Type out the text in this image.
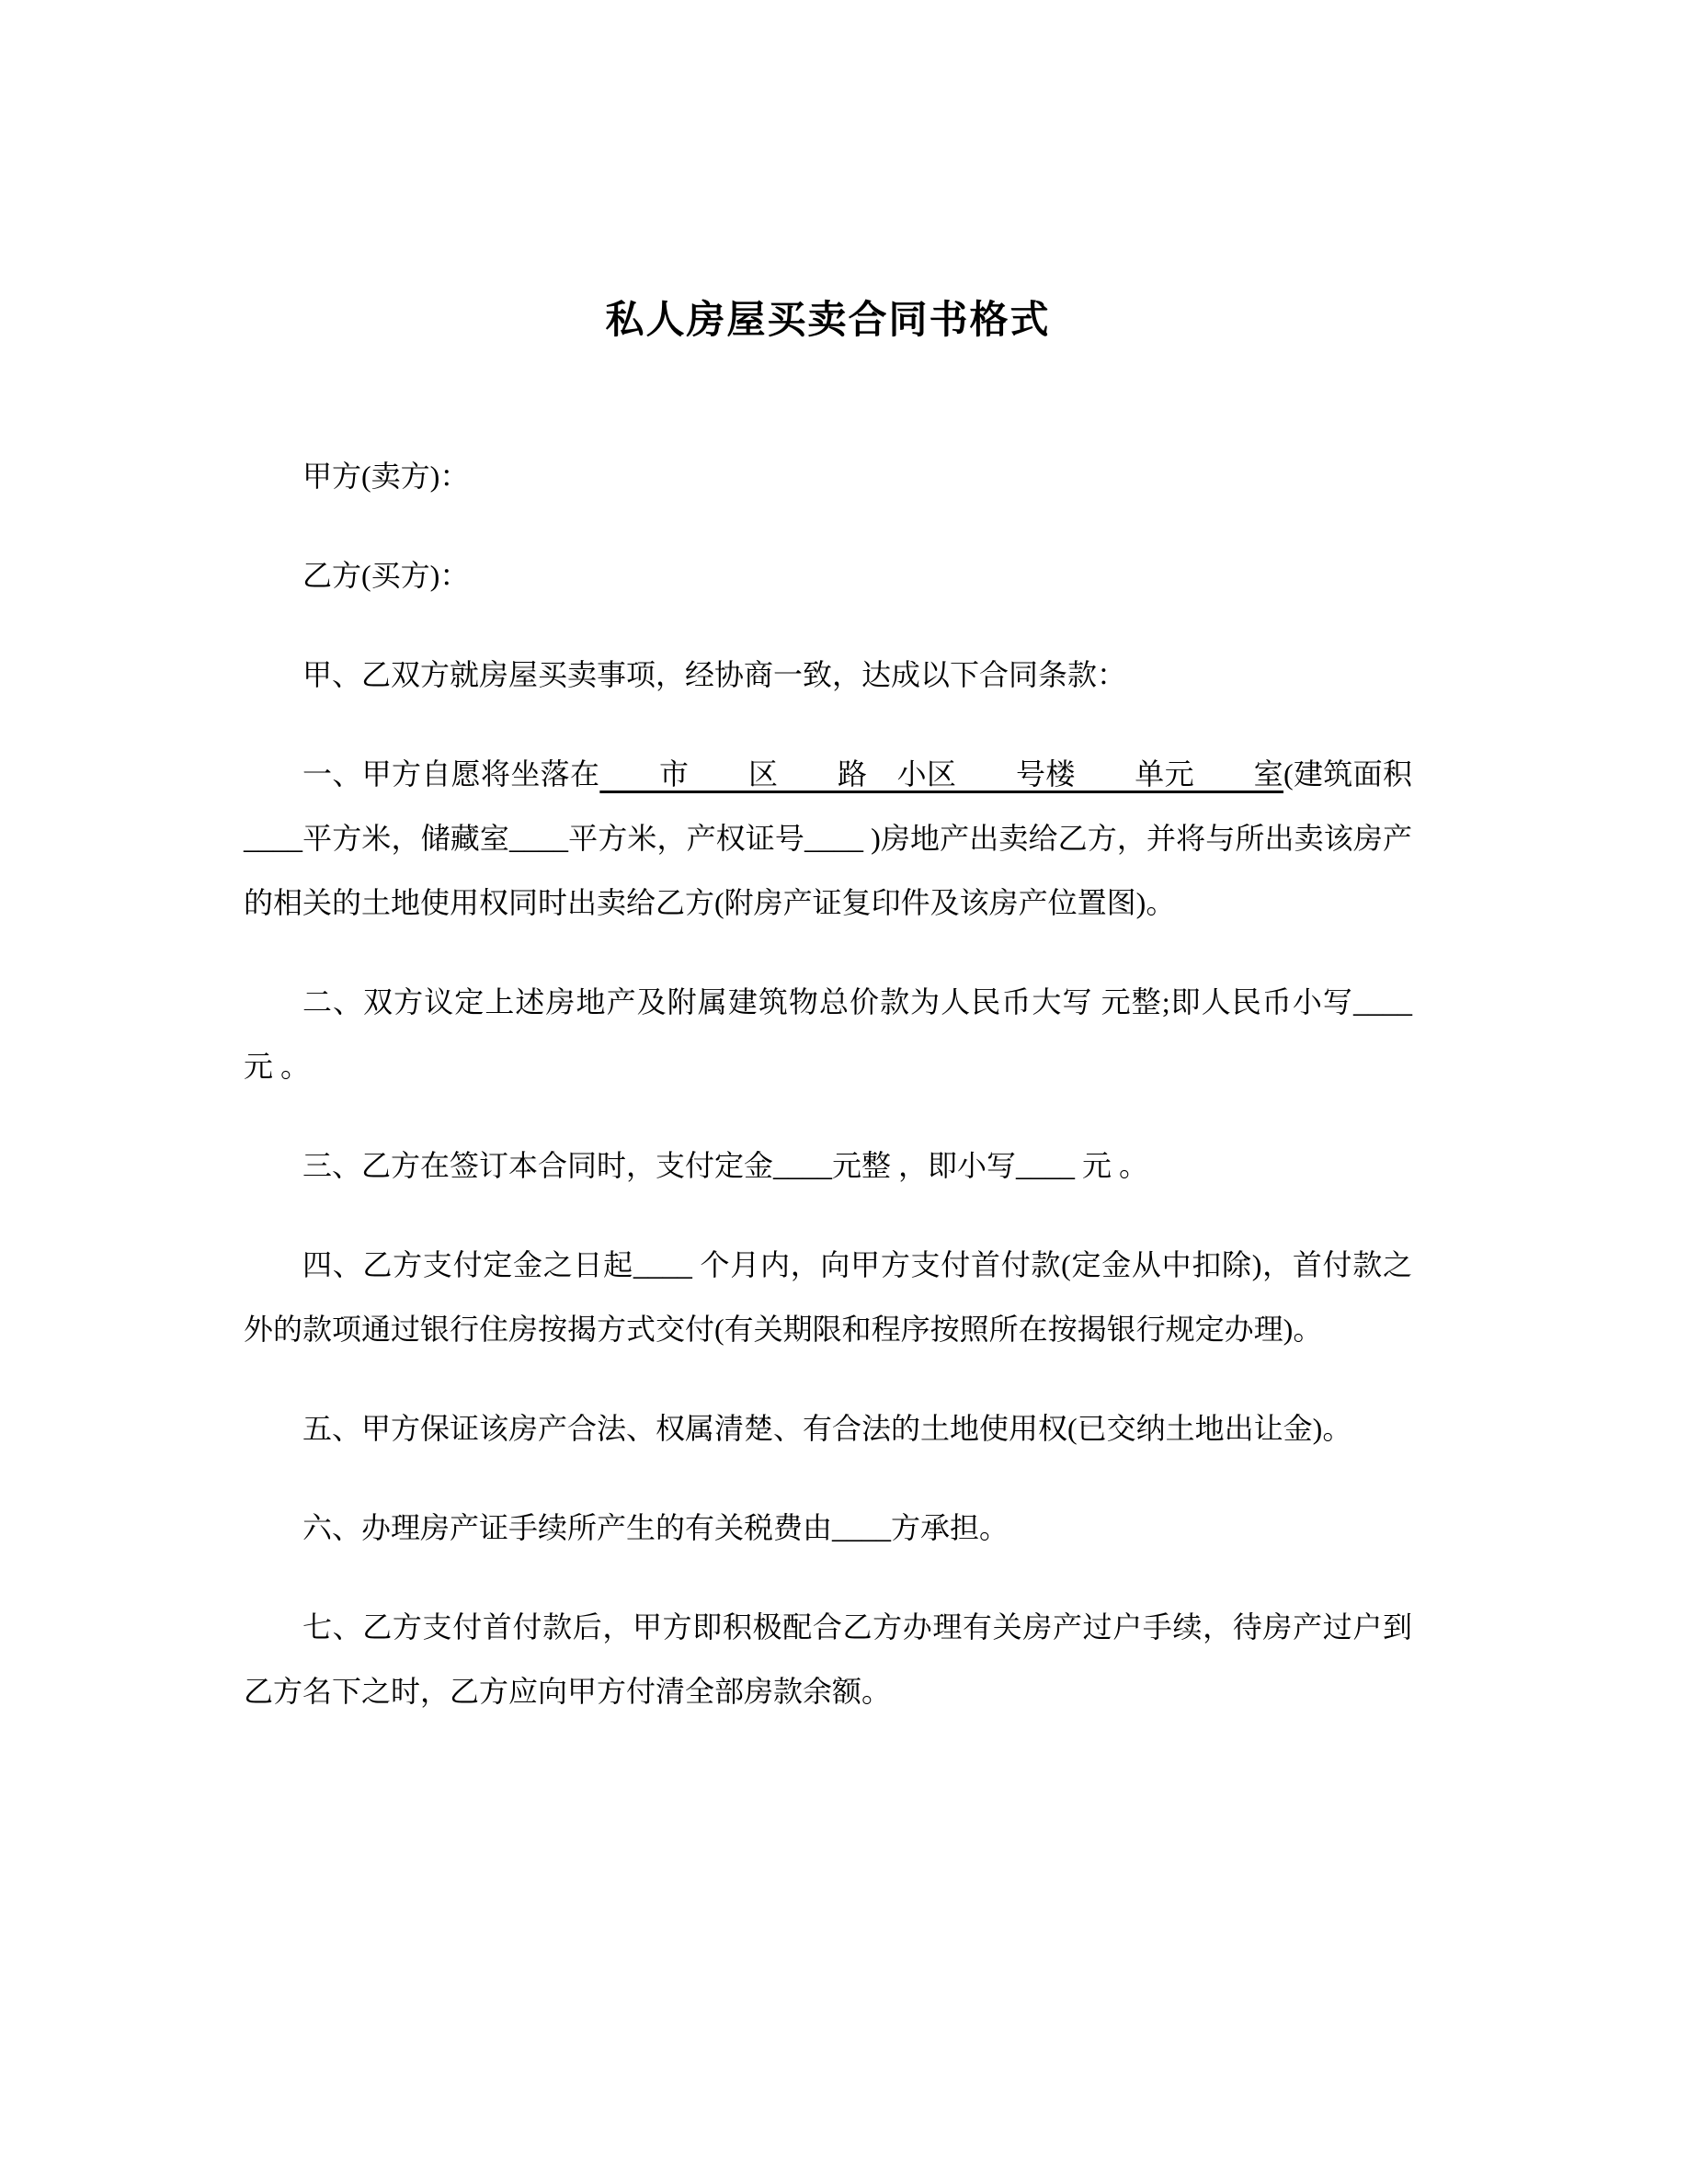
私人房屋买卖合同书格式

甲方(卖方)：

乙方(买方)：

甲、乙双方就房屋买卖事项，经协商一致，达成以下合同条款：

一、甲方自愿将坐落在　　市　　区　　路　小区　　号楼　　单元　　室(建筑面积____平方米，储藏室____平方米，产权证号____ )房地产出卖给乙方，并将与所出卖该房产的相关的土地使用权同时出卖给乙方(附房产证复印件及该房产位置图)。

二、双方议定上述房地产及附属建筑物总价款为人民币大写 元整;即人民币小写____ 元 。

三、乙方在签订本合同时，支付定金____元整 ，即小写____ 元 。

四、乙方支付定金之日起____ 个月内，向甲方支付首付款(定金从中扣除)，首付款之外的款项通过银行住房按揭方式交付(有关期限和程序按照所在按揭银行规定办理)。

五、甲方保证该房产合法、权属清楚、有合法的土地使用权(已交纳土地出让金)。

六、办理房产证手续所产生的有关税费由____方承担。

七、乙方支付首付款后，甲方即积极配合乙方办理有关房产过户手续，待房产过户到乙方名下之时，乙方应向甲方付清全部房款余额。
